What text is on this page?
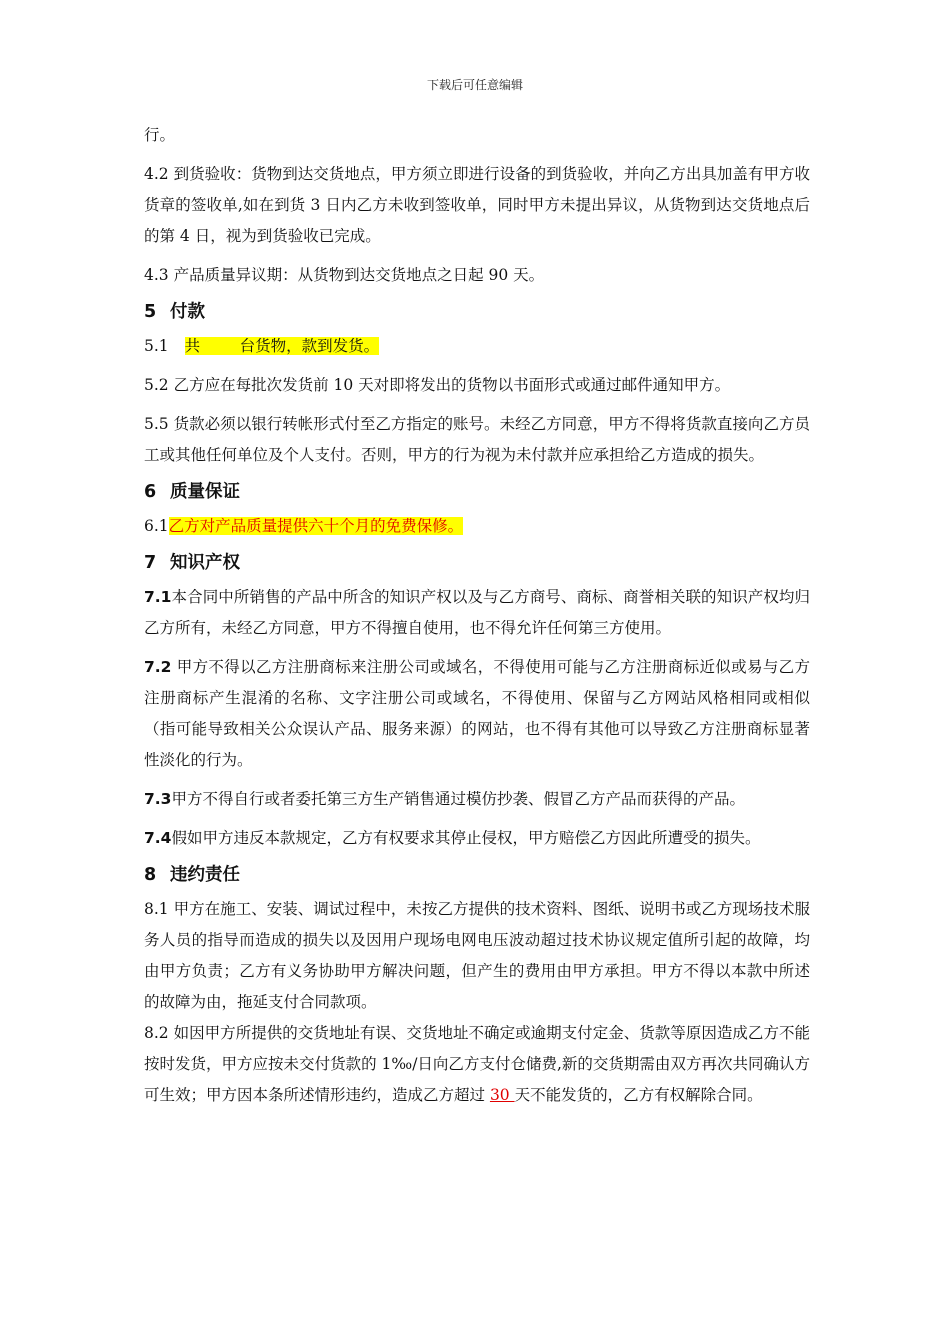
下载后可任意编辑

行。

4.2 到货验收：货物到达交货地点，甲方须立即进行设备的到货验收，并向乙方出具加盖有甲方收货章的签收单,如在到货 3 日内乙方未收到签收单，同时甲方未提出异议，从货物到达交货地点后的第 4 日，视为到货验收已完成。

4.3 产品质量异议期：从货物到达交货地点之日起 90 天。

5 付款

5.1 共        台货物，款到发货。

5.2 乙方应在每批次发货前 10 天对即将发出的货物以书面形式或通过邮件通知甲方。

5.5 货款必须以银行转帐形式付至乙方指定的账号。未经乙方同意，甲方不得将货款直接向乙方员工或其他任何单位及个人支付。否则，甲方的行为视为未付款并应承担给乙方造成的损失。

6 质量保证

6.1乙方对产品质量提供六十个月的免费保修。

7 知识产权

7.1本合同中所销售的产品中所含的知识产权以及与乙方商号、商标、商誉相关联的知识产权均归乙方所有，未经乙方同意，甲方不得擅自使用，也不得允许任何第三方使用。

7.2 甲方不得以乙方注册商标来注册公司或域名，不得使用可能与乙方注册商标近似或易与乙方注册商标产生混淆的名称、文字注册公司或域名，不得使用、保留与乙方网站风格相同或相似（指可能导致相关公众误认产品、服务来源）的网站，也不得有其他可以导致乙方注册商标显著性淡化的行为。

7.3甲方不得自行或者委托第三方生产销售通过模仿抄袭、假冒乙方产品而获得的产品。

7.4假如甲方违反本款规定，乙方有权要求其停止侵权，甲方赔偿乙方因此所遭受的损失。

8 违约责任

8.1 甲方在施工、安装、调试过程中，未按乙方提供的技术资料、图纸、说明书或乙方现场技术服务人员的指导而造成的损失以及因用户现场电网电压波动超过技术协议规定值所引起的故障，均由甲方负责；乙方有义务协助甲方解决问题，但产生的费用由甲方承担。甲方不得以本款中所述的故障为由，拖延支付合同款项。

8.2 如因甲方所提供的交货地址有误、交货地址不确定或逾期支付定金、货款等原因造成乙方不能按时发货，甲方应按未交付货款的 1‰/日向乙方支付仓储费,新的交货期需由双方再次共同确认方可生效；甲方因本条所述情形违约，造成乙方超过 30 天不能发货的，乙方有权解除合同。
